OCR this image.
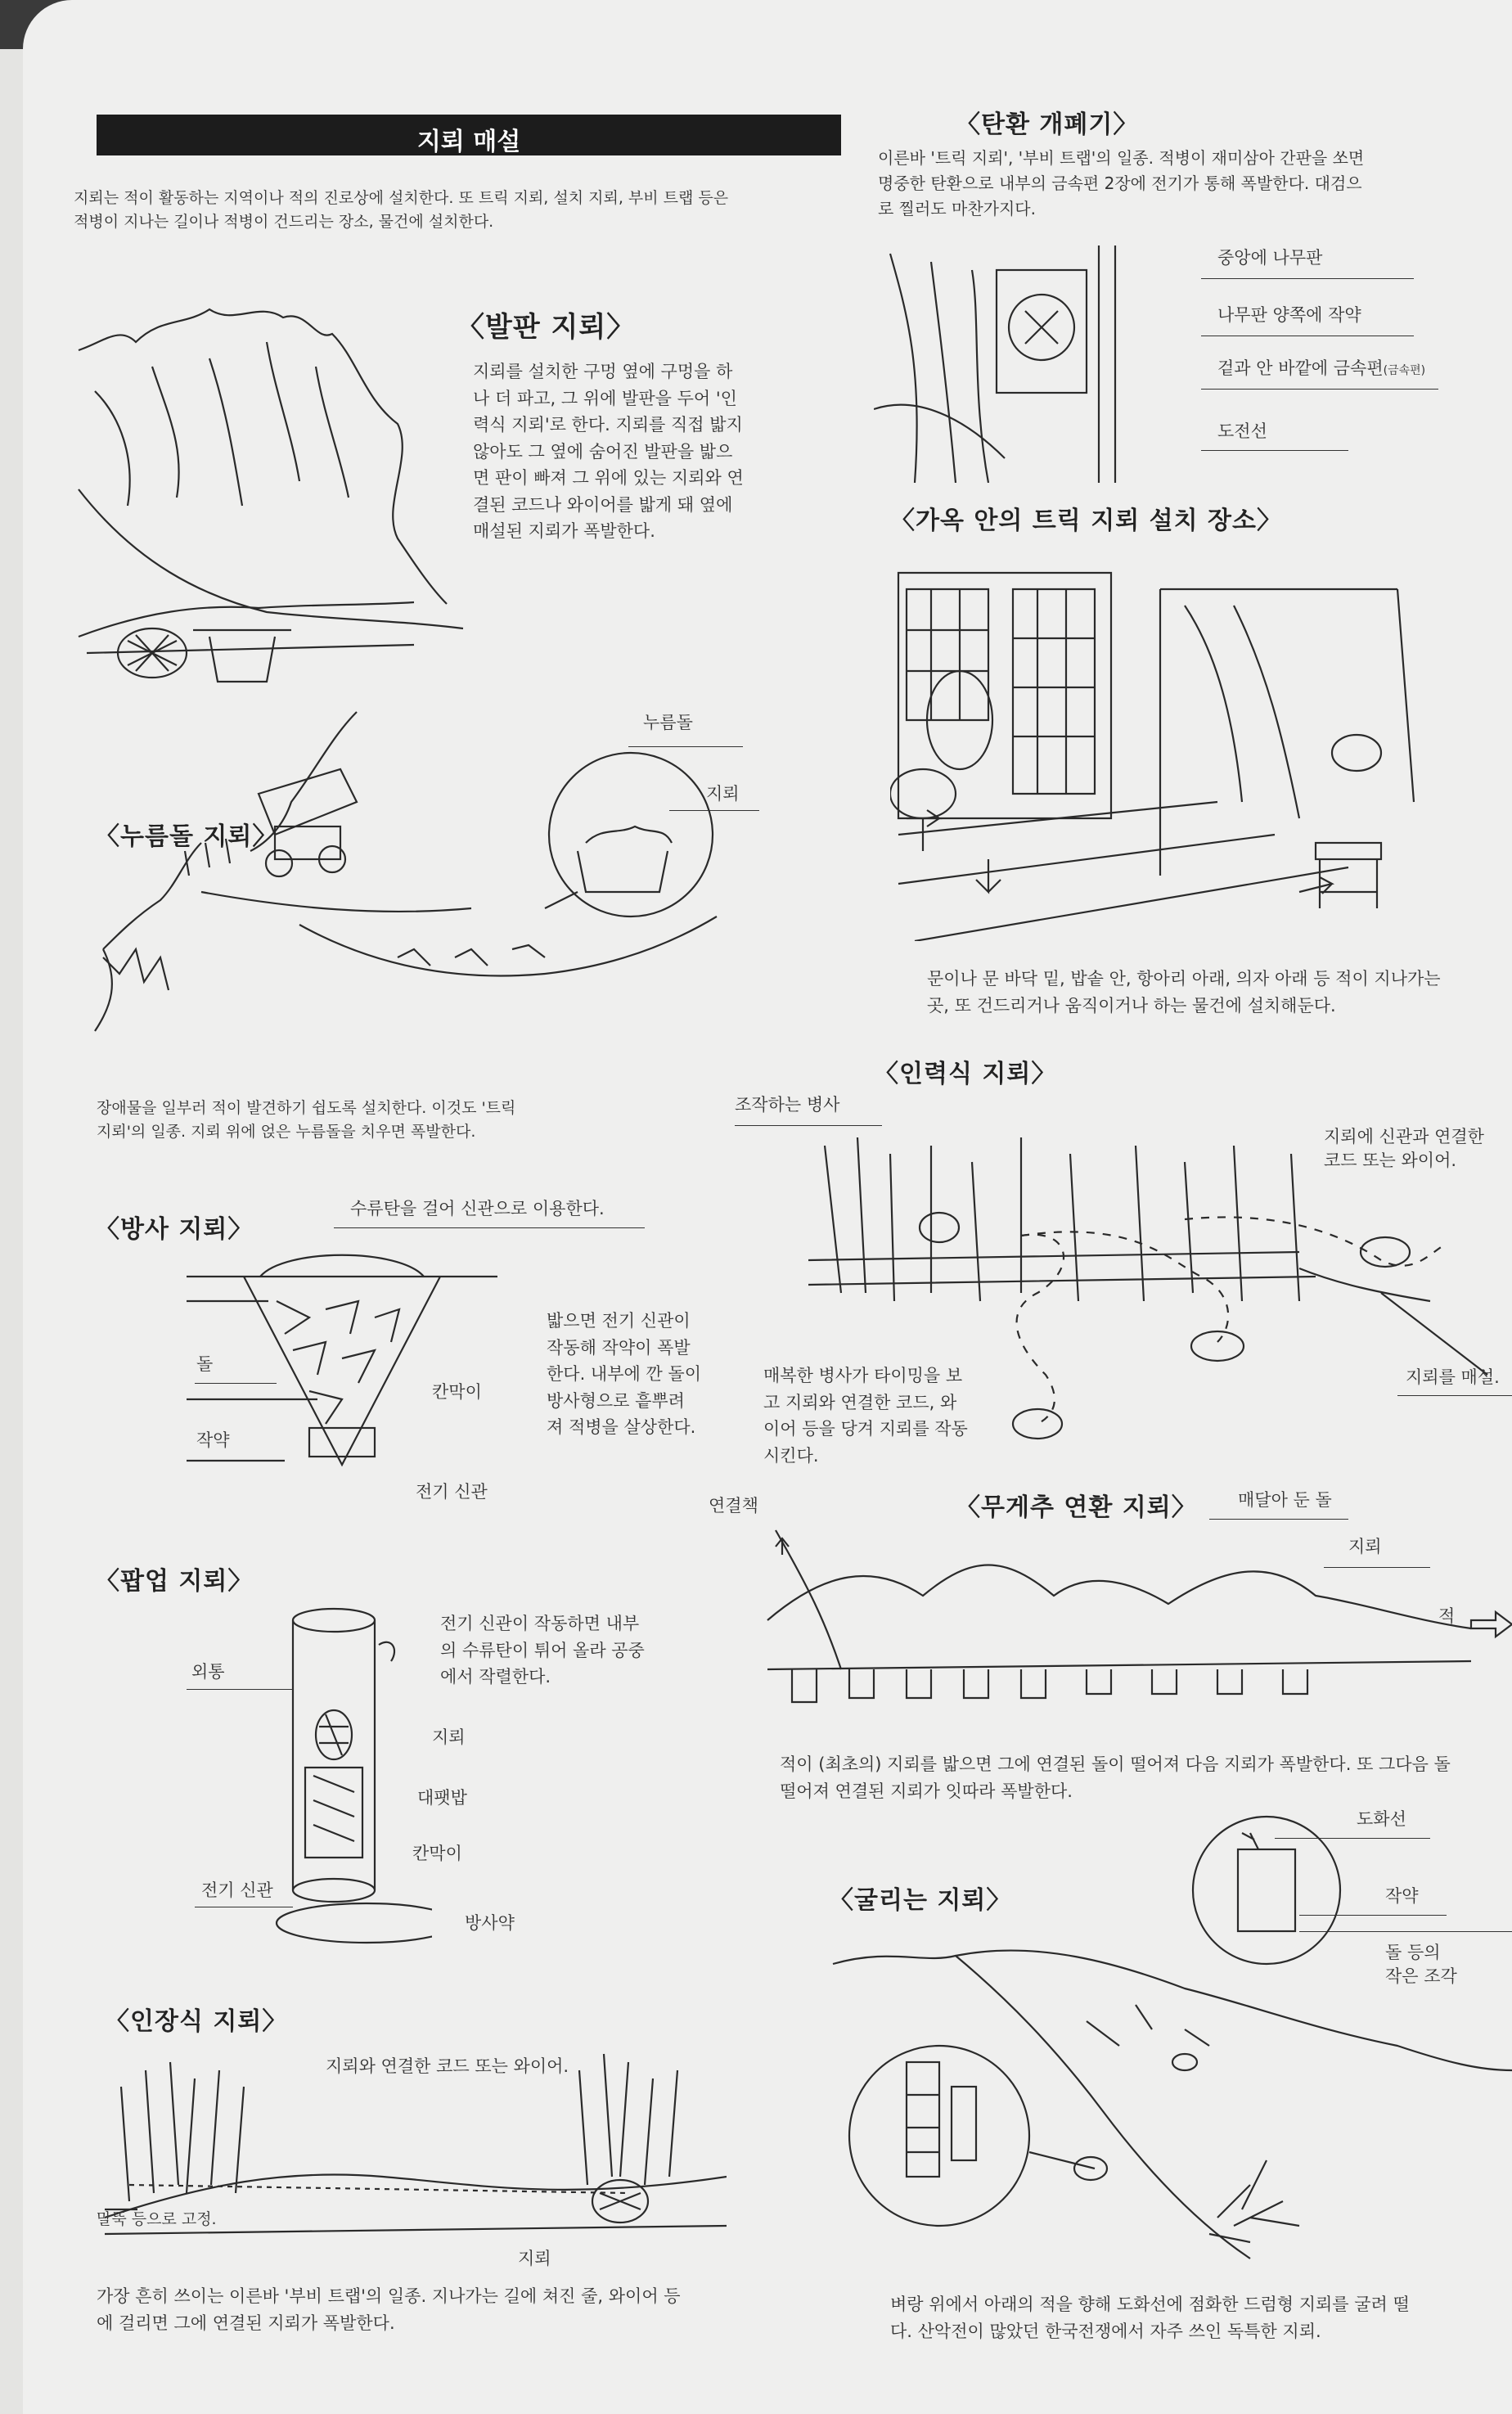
지뢰 매설

지뢰는 적이 활동하는 지역이나 적의 진로상에 설치한다. 또 트릭 지뢰, 설치 지뢰, 부비 트랩 등은
적병이 지나는 길이나 적병이 건드리는 장소, 물건에 설치한다.

〈발판 지뢰〉

지뢰를 설치한 구멍 옆에 구멍을 하
나 더 파고, 그 위에 발판을 두어 '인
력식 지뢰'로 한다. 지뢰를 직접 밟지
않아도 그 옆에 숨어진 발판을 밟으
면 판이 빠져 그 위에 있는 지뢰와 연
결된 코드나 와이어를 밟게 돼 옆에
매설된 지뢰가 폭발한다.

누름돌

지뢰

〈누름돌 지뢰〉

장애물을 일부러 적이 발견하기 쉽도록 설치한다. 이것도 '트릭
지뢰'의 일종. 지뢰 위에 얹은 누름돌을 치우면 폭발한다.

〈방사 지뢰〉

수류탄을 걸어 신관으로 이용한다.

돌

칸막이

작약

전기 신관

밟으면 전기 신관이
작동해 작약이 폭발
한다. 내부에 깐 돌이
방사형으로 흩뿌려
져 적병을 살상한다.

〈팝업 지뢰〉

전기 신관이 작동하면 내부
의 수류탄이 튀어 올라 공중
에서 작렬한다.

외통

지뢰

대팻밥

칸막이

전기 신관

방사약

〈인장식 지뢰〉

지뢰와 연결한 코드 또는 와이어.

말뚝 등으로 고정.

지뢰

가장 흔히 쓰이는 이른바 '부비 트랩'의 일종. 지나가는 길에 쳐진 줄, 와이어 등
에 걸리면 그에 연결된 지뢰가 폭발한다.

〈탄환 개폐기〉

이른바 '트릭 지뢰', '부비 트랩'의 일종. 적병이 재미삼아 간판을 쏘면
명중한 탄환으로 내부의 금속편 2장에 전기가 통해 폭발한다. 대검으
로 찔러도 마찬가지다.

중앙에 나무판

나무판 양쪽에 작약

겉과 안 바깥에 금속편(금속편)

도전선

〈가옥 안의 트릭 지뢰 설치 장소〉

문이나 문 바닥 밑, 밥솥 안, 항아리 아래, 의자 아래 등 적이 지나가는
곳, 또 건드리거나 움직이거나 하는 물건에 설치해둔다.

〈인력식 지뢰〉

조작하는 병사

지뢰에 신관과 연결한
코드 또는 와이어.

지뢰를 매설.

매복한 병사가 타이밍을 보
고 지뢰와 연결한 코드, 와
이어 등을 당겨 지뢰를 작동
시킨다.

〈무게추 연환 지뢰〉

연결책	매달아 둔 돌

지뢰

적

적이 (최초의) 지뢰를 밟으면 그에 연결된 돌이 떨어져 다음 지뢰가 폭발한다. 또 그다음 돌
떨어져 연결된 지뢰가 잇따라 폭발한다.

〈굴리는 지뢰〉

도화선

작약

돌 등의
작은 조각

벼랑 위에서 아래의 적을 향해 도화선에 점화한 드럼형 지뢰를 굴려 떨
다. 산악전이 많았던 한국전쟁에서 자주 쓰인 독특한 지뢰.
